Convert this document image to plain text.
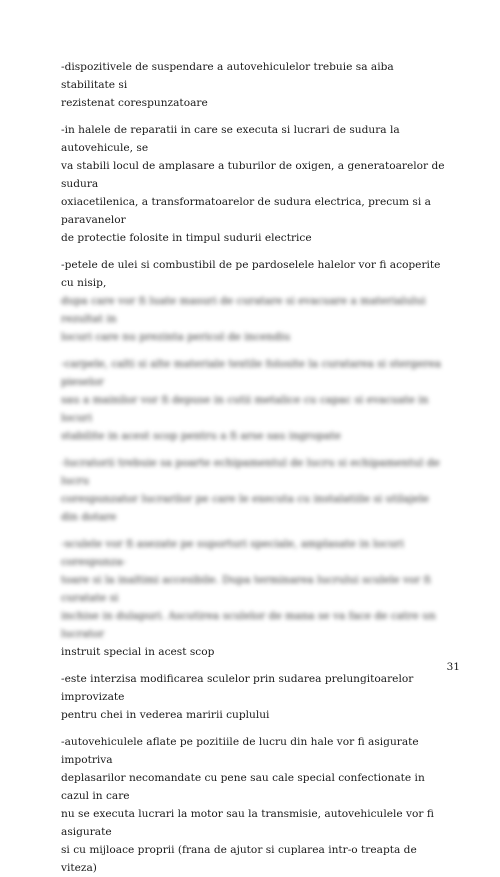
-dispozitivele de suspendare a autovehiculelor trebuie sa aiba stabilitate si

rezistenat corespunzatoare

-in halele de reparatii in care se executa si lucrari de sudura la autovehicule, se

va stabili locul de amplasare a tuburilor de oxigen, a generatoarelor de sudura

oxiacetilenica, a transformatoarelor de sudura electrica, precum si a paravanelor

de protectie folosite in timpul sudurii electrice

-petele de ulei si combustibil de pe pardoselele halelor vor fi acoperite cu nisip,

dupa care vor fi luate masuri de curatare si evacuare a materialului rezultat in

locuri care nu prezinta pericol de incendiu

-carpele, calti si alte materiale textile folosite la curatarea si stergerea pieselor

sau a mainilor vor fi depuse in cutii metalice cu capac si evacuate in locuri

stabilite in acest scop pentru a fi arse sau ingropate

-lucratorii trebuie sa poarte echipamentul de lucru si echipamentul de lucru

corespunzator lucrarilor pe care le executa cu instalatiile si utilajele din dotare

-sculele vor fi asezate pe suporturi speciale, amplasate in locuri corespunza-

toare si la inaltimi accesibile. Dupa terminarea lucrului sculele vor fi curatate si

inchise in dulapuri. Ascutirea sculelor de mana se va face de catre un lucrator

instruit special in acest scop

-este interzisa modificarea sculelor prin sudarea prelungitoarelor improvizate

pentru chei in vederea maririi cuplului

-autovehiculele aflate pe pozitiile de lucru din hale vor fi asigurate impotriva

deplasarilor necomandate cu pene sau cale special confectionate in cazul in care

nu se executa lucrari la motor sau la transmisie, autovehiculele vor fi asigurate

si cu mijloace proprii (frana de ajutor si cuplarea intr-o treapta de viteza)

31
